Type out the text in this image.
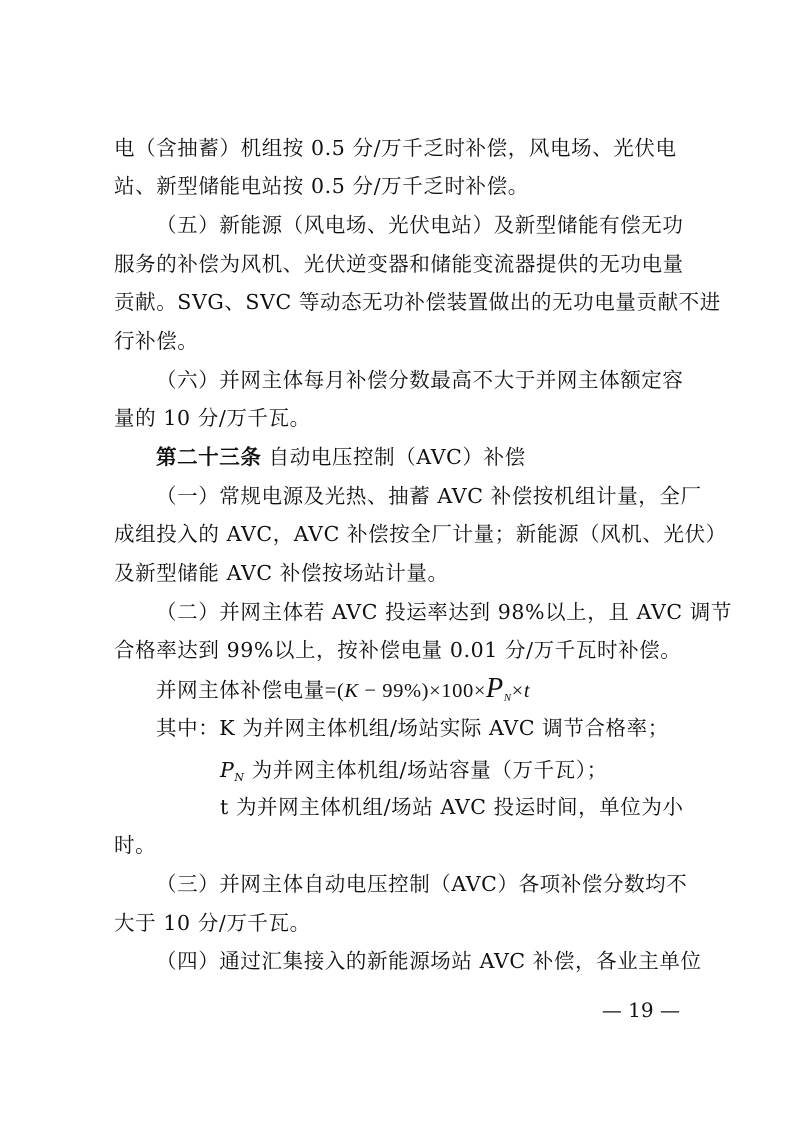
电（含抽蓄）机组按 0.5 分/万千乏时补偿，风电场、光伏电
站、新型储能电站按 0.5 分/万千乏时补偿。
（五）新能源（风电场、光伏电站）及新型储能有偿无功
服务的补偿为风机、光伏逆变器和储能变流器提供的无功电量
贡献。SVG、SVC 等动态无功补偿装置做出的无功电量贡献不进
行补偿。
（六）并网主体每月补偿分数最高不大于并网主体额定容
量的 10 分/万千瓦。
第二十三条 自动电压控制（AVC）补偿
（一）常规电源及光热、抽蓄 AVC 补偿按机组计量，全厂
成组投入的 AVC，AVC 补偿按全厂计量；新能源（风机、光伏）
及新型储能 AVC 补偿按场站计量。
（二）并网主体若 AVC 投运率达到 98%以上，且 AVC 调节
合格率达到 99%以上，按补偿电量 0.01 分/万千瓦时补偿。
并网主体补偿电量$=(K - 99\%)\times 100\times P_N\times t$
其中：K 为并网主体机组/场站实际 AVC 调节合格率；
$P_N$ 为并网主体机组/场站容量（万千瓦）；
t 为并网主体机组/场站 AVC 投运时间，单位为小
时。
（三）并网主体自动电压控制（AVC）各项补偿分数均不
大于 10 分/万千瓦。
（四）通过汇集接入的新能源场站 AVC 补偿，各业主单位
— 19 —
